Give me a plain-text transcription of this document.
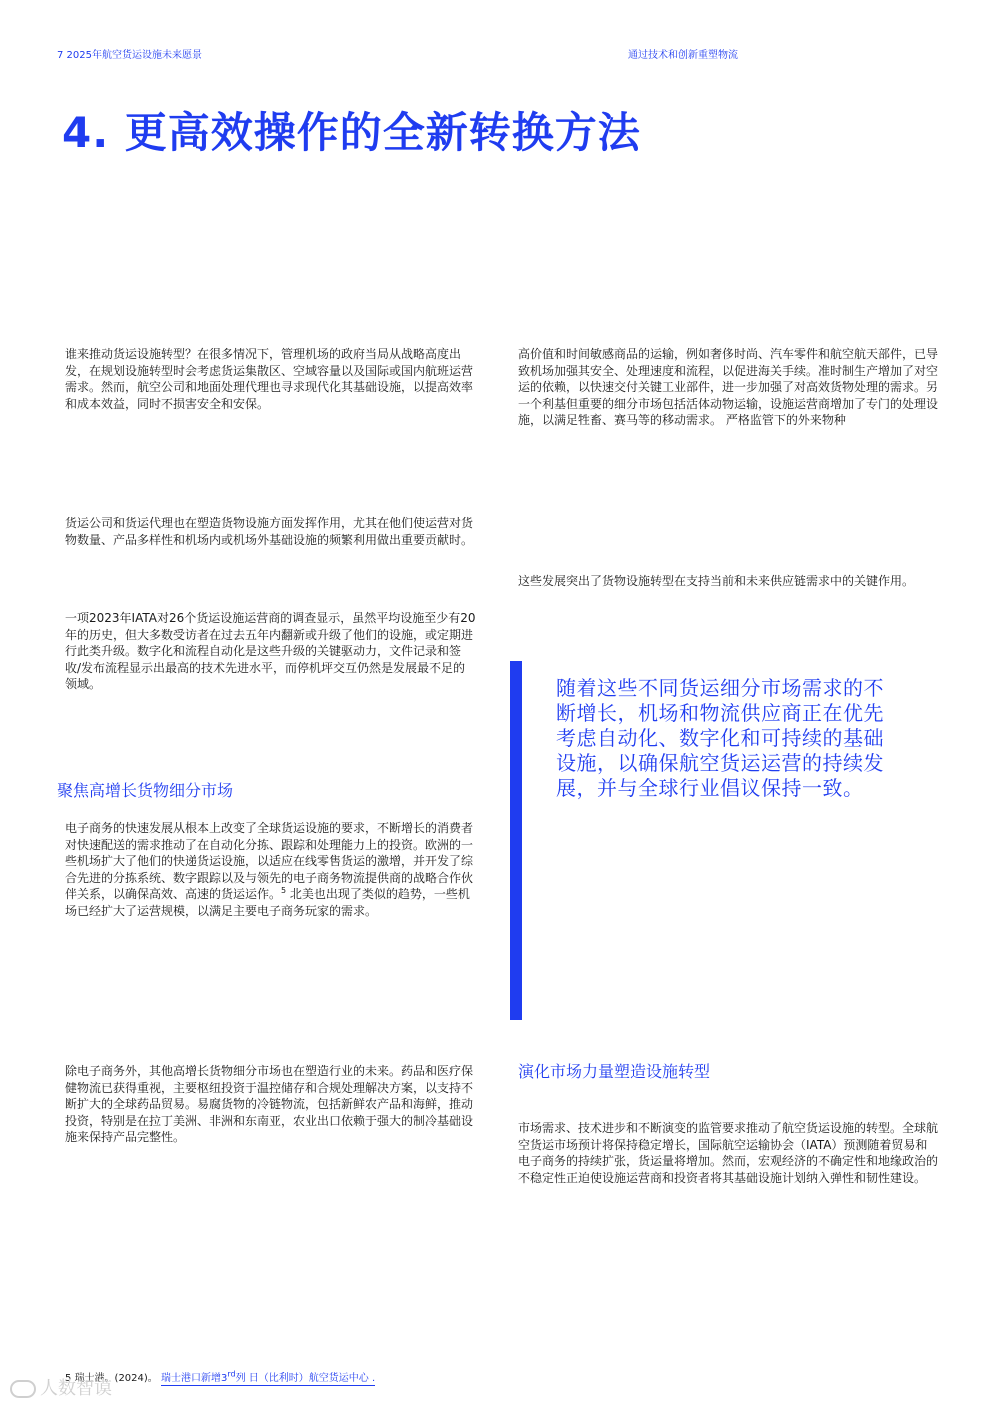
7 2025年航空货运设施未来愿景	通过技术和创新重塑物流
4. 更高效操作的全新转换方法

谁来推动货运设施转型？在很多情况下，管理机场的政府当局从战略高度出发，在规划设施转型时会考虑货运集散区、空域容量以及国际或国内航班运营需求。然而，航空公司和地面处理代理也寻求现代化其基础设施，以提高效率和成本效益，同时不损害安全和安保。

货运公司和货运代理也在塑造货物设施方面发挥作用，尤其在他们使运营对货物数量、产品多样性和机场内或机场外基础设施的频繁利用做出重要贡献时。

一项2023年IATA对26个货运设施运营商的调查显示，虽然平均设施至少有20年的历史，但大多数受访者在过去五年内翻新或升级了他们的设施，或定期进行此类升级。数字化和流程自动化是这些升级的关键驱动力，文件记录和签收/发布流程显示出最高的技术先进水平，而停机坪交互仍然是发展最不足的领域。

聚焦高增长货物细分市场

电子商务的快速发展从根本上改变了全球货运设施的要求，不断增长的消费者对快速配送的需求推动了在自动化分拣、跟踪和处理能力上的投资。欧洲的一些机场扩大了他们的快递货运设施，以适应在线零售货运的激增，并开发了综合先进的分拣系统、数字跟踪以及与领先的电子商务物流提供商的战略合作伙伴关系，以确保高效、高速的货运运作。$^5$ 北美也出现了类似的趋势，一些机场已经扩大了运营规模，以满足主要电子商务玩家的需求。

除电子商务外，其他高增长货物细分市场也在塑造行业的未来。药品和医疗保健物流已获得重视，主要枢纽投资于温控储存和合规处理解决方案，以支持不断扩大的全球药品贸易。易腐货物的冷链物流，包括新鲜农产品和海鲜，推动投资，特别是在拉丁美洲、非洲和东南亚，农业出口依赖于强大的制冷基础设施来保持产品完整性。

高价值和时间敏感商品的运输，例如奢侈时尚、汽车零件和航空航天部件，已导致机场加强其安全、处理速度和流程，以促进海关手续。准时制生产增加了对空运的依赖，以快速交付关键工业部件，进一步加强了对高效货物处理的需求。另一个利基但重要的细分市场包括活体动物运输，设施运营商增加了专门的处理设施，以满足牲畜、赛马等的移动需求。 严格监管下的外来物种

这些发展突出了货物设施转型在支持当前和未来供应链需求中的关键作用。

随着这些不同货运细分市场需求的不断增长，机场和物流供应商正在优先考虑自动化、数字化和可持续的基础设施，以确保航空货运运营的持续发展，并与全球行业倡议保持一致。
演化市场力量塑造设施转型

市场需求、技术进步和不断演变的监管要求推动了航空货运设施的转型。全球航空货运市场预计将保持稳定增长，国际航空运输协会（IATA）预测随着贸易和电子商务的持续扩张，货运量将增加。然而，宏观经济的不确定性和地缘政治的不稳定性正迫使设施运营商和投资者将其基础设施计划纳入弹性和韧性建设。

5 瑞士港。(2024)。 瑞士港口新增3rd列 日（比利时）航空货运中心 .
人数智谟
